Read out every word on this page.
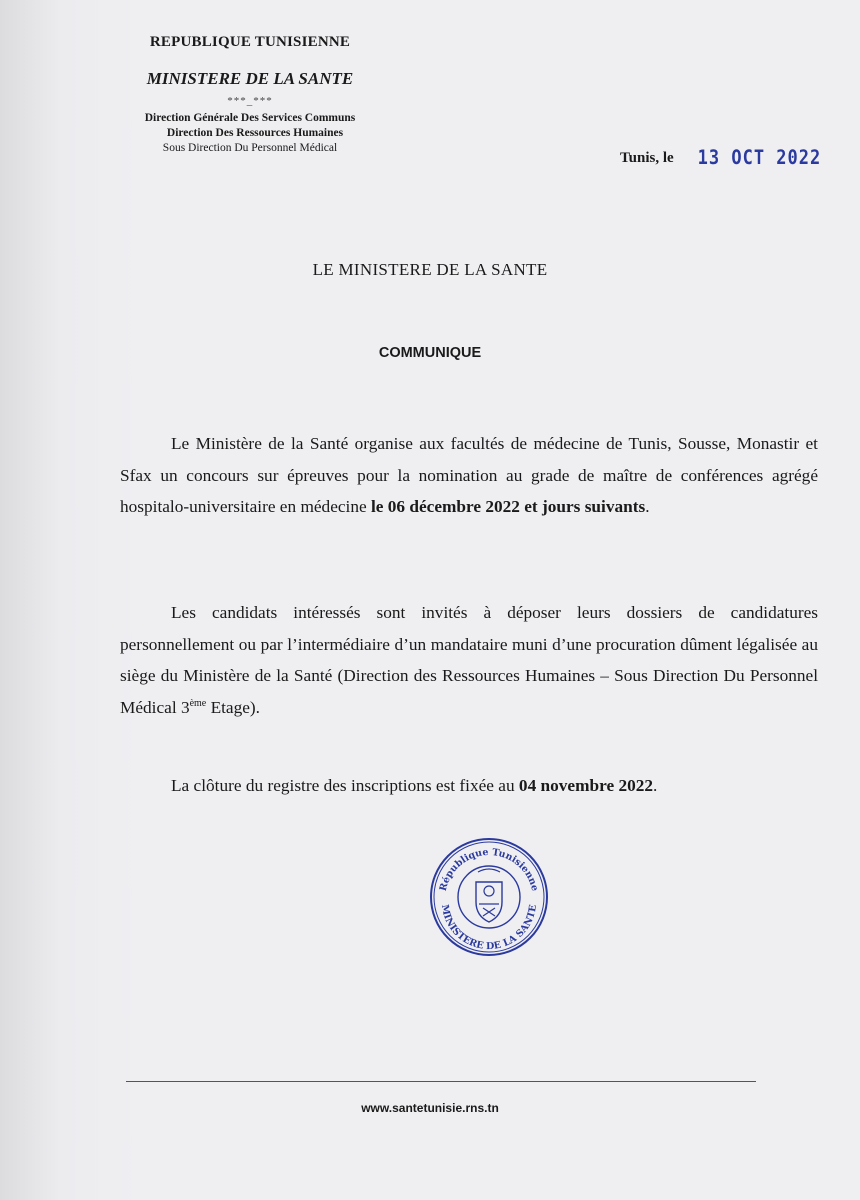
REPUBLIQUE TUNISIENNE
MINISTERE DE LA SANTE
***_***
Direction Générale Des Services Communs
Direction Des Ressources Humaines
Sous Direction Du Personnel Médical
Tunis, le 13 OCT 2022
LE MINISTERE DE LA SANTE
COMMUNIQUE

Le Ministère de la Santé organise aux facultés de médecine de Tunis, Sousse, Monastir et Sfax un concours sur épreuves pour la nomination au grade de maître de conférences agrégé hospitalo-universitaire en médecine le 06 décembre 2022 et jours suivants.

Les candidats intéressés sont invités à déposer leurs dossiers de candidatures personnellement ou par l’intermédiaire d’un mandataire muni d’une procuration dûment légalisée au siège du Ministère de la Santé (Direction des Ressources Humaines – Sous Direction Du Personnel Médical 3ème Etage).

La clôture du registre des inscriptions est fixée au 04 novembre 2022.

République Tunisienne
MINISTERE DE LA SANTE
www.santetunisie.rns.tn
